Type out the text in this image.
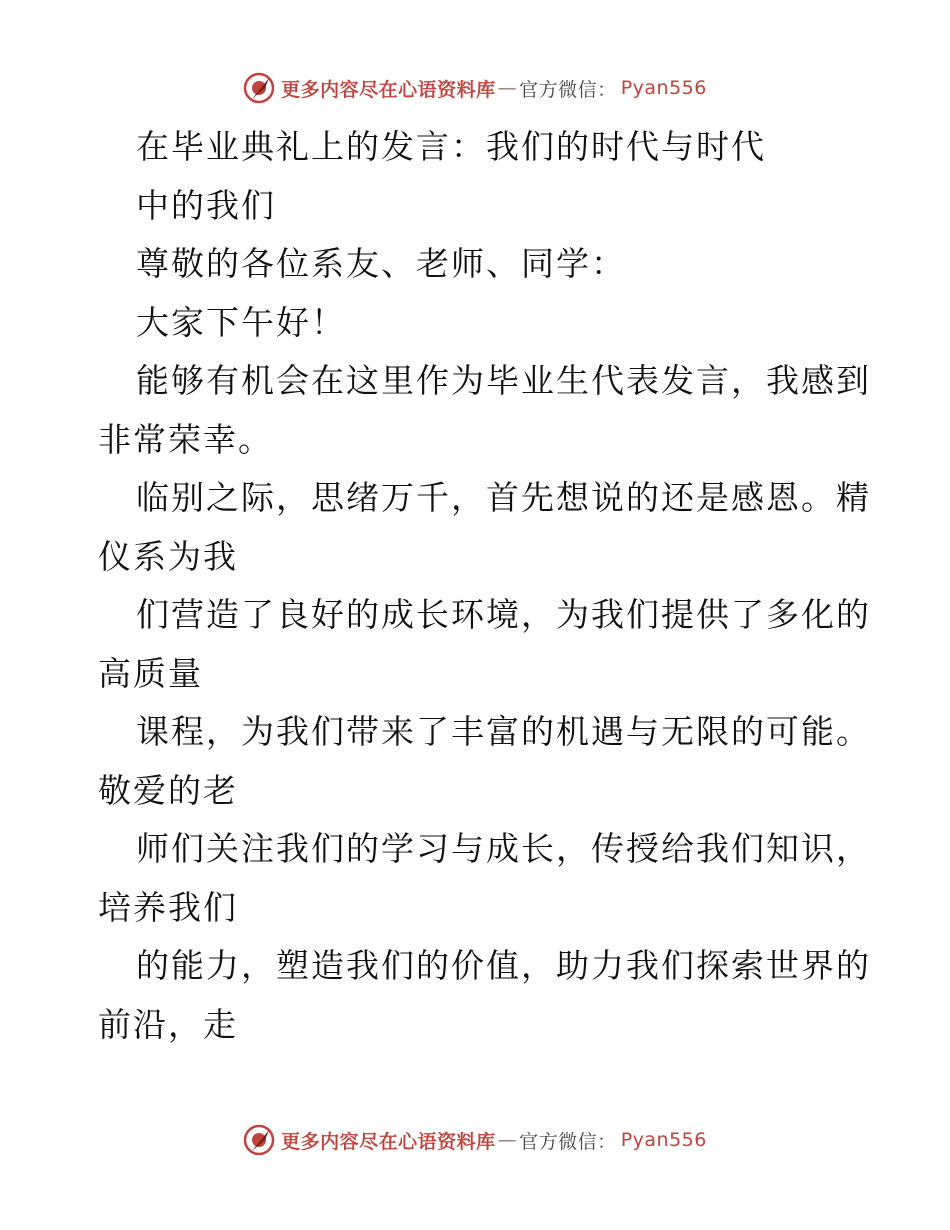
更多内容尽在心语资料库 — 官方微信 ： Pyan556
在毕业典礼上的发言：我们的时代与时代
中的我们
尊敬的各位系友、老师、同学：
大家下午好！
能够有机会在这里作为毕业生代表发言，我感到
非常荣幸。
临别之际，思绪万千，首先想说的还是感恩。精
仪系为我
们营造了良好的成长环境，为我们提供了多化的
高质量
课程，为我们带来了丰富的机遇与无限的可能。
敬爱的老
师们关注我们的学习与成长，传授给我们知识，
培养我们
的能力，塑造我们的价值，助力我们探索世界的
前沿，走
更多内容尽在心语资料库 — 官方微信 ： Pyan556
